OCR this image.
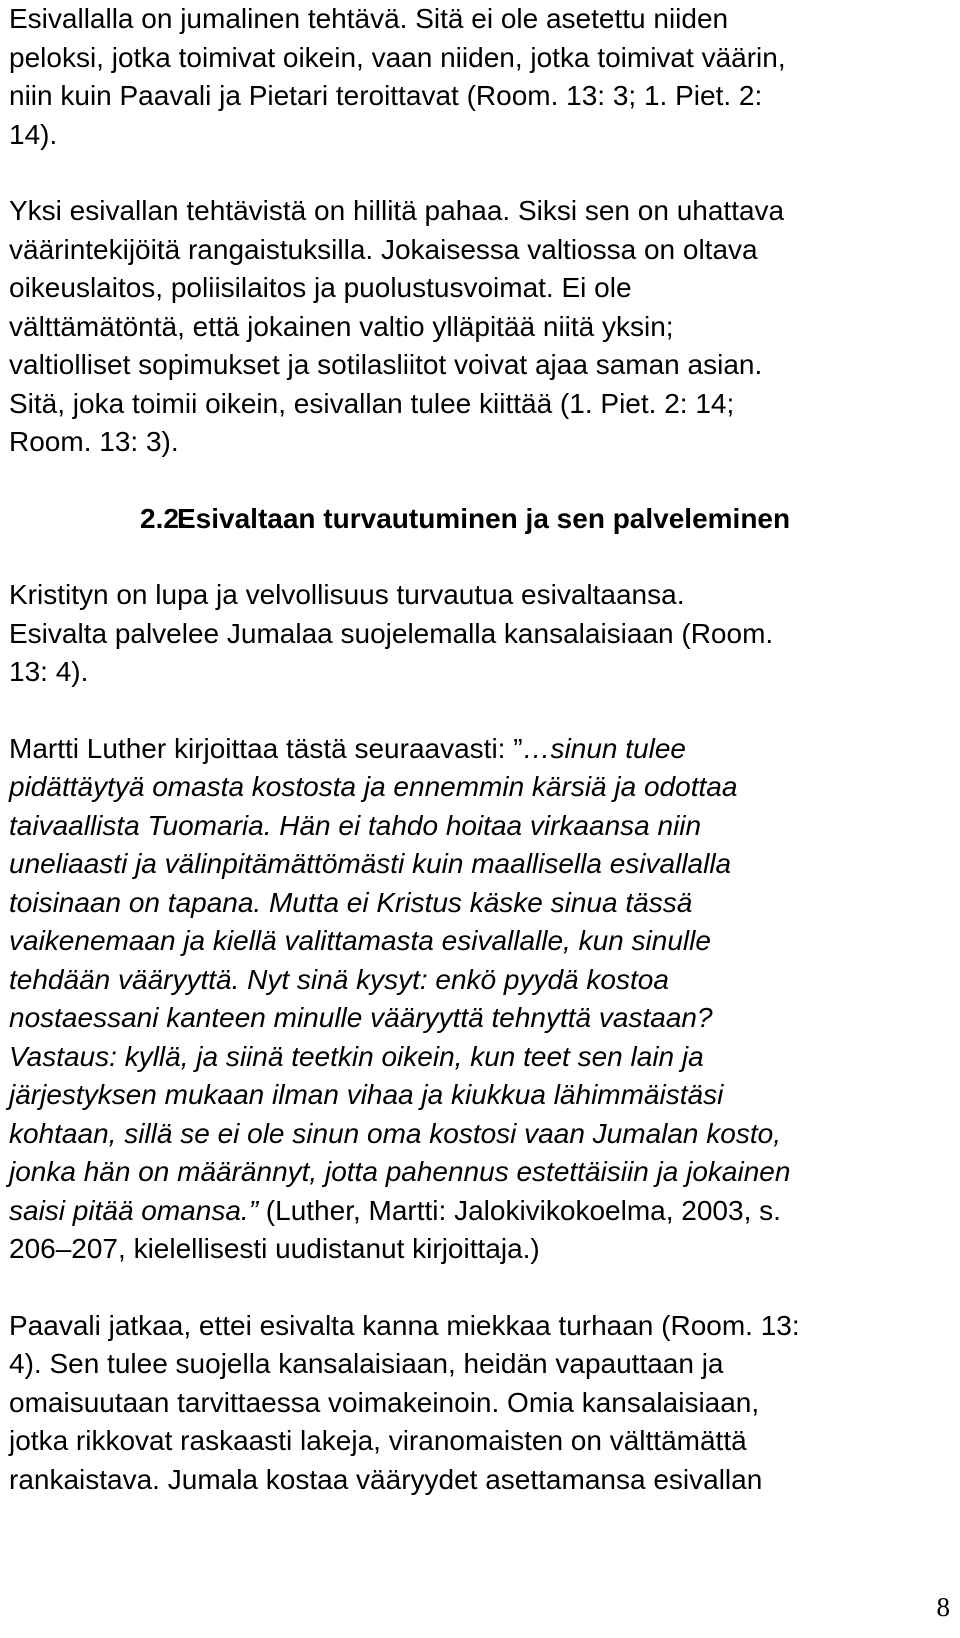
Esivallalla on jumalinen tehtävä. Sitä ei ole asetettu niiden
peloksi, jotka toimivat oikein, vaan niiden, jotka toimivat väärin,
niin kuin Paavali ja Pietari teroittavat (Room. 13: 3; 1. Piet. 2:
14).

Yksi esivallan tehtävistä on hillitä pahaa. Siksi sen on uhattava
väärintekijöitä rangaistuksilla. Jokaisessa valtiossa on oltava
oikeuslaitos, poliisilaitos ja puolustusvoimat. Ei ole
välttämätöntä, että jokainen valtio ylläpitää niitä yksin;
valtiolliset sopimukset ja sotilasliitot voivat ajaa saman asian.
Sitä, joka toimii oikein, esivallan tulee kiittää (1. Piet. 2: 14;
Room. 13: 3).

2.2.Esivaltaan turvautuminen ja sen palveleminen

Kristityn on lupa ja velvollisuus turvautua esivaltaansa.
Esivalta palvelee Jumalaa suojelemalla kansalaisiaan (Room.
13: 4).

Martti Luther kirjoittaa tästä seuraavasti: ”…sinun tulee
pidättäytyä omasta kostosta ja ennemmin kärsiä ja odottaa
taivaallista Tuomaria. Hän ei tahdo hoitaa virkaansa niin
uneliaasti ja välinpitämättömästi kuin maallisella esivallalla
toisinaan on tapana. Mutta ei Kristus käske sinua tässä
vaikenemaan ja kiellä valittamasta esivallalle, kun sinulle
tehdään vääryyttä. Nyt sinä kysyt: enkö pyydä kostoa
nostaessani kanteen minulle vääryyttä tehnyttä vastaan?
Vastaus: kyllä, ja siinä teetkin oikein, kun teet sen lain ja
järjestyksen mukaan ilman vihaa ja kiukkua lähimmäistäsi
kohtaan, sillä se ei ole sinun oma kostosi vaan Jumalan kosto,
jonka hän on määrännyt, jotta pahennus estettäisiin ja jokainen
saisi pitää omansa.” (Luther, Martti: Jalokivikokoelma, 2003, s.
206–207, kielellisesti uudistanut kirjoittaja.)

Paavali jatkaa, ettei esivalta kanna miekkaa turhaan (Room. 13:
4). Sen tulee suojella kansalaisiaan, heidän vapauttaan ja
omaisuutaan tarvittaessa voimakeinoin. Omia kansalaisiaan,
jotka rikkovat raskaasti lakeja, viranomaisten on välttämättä
rankaistava. Jumala kostaa vääryydet asettamansa esivallan

8
